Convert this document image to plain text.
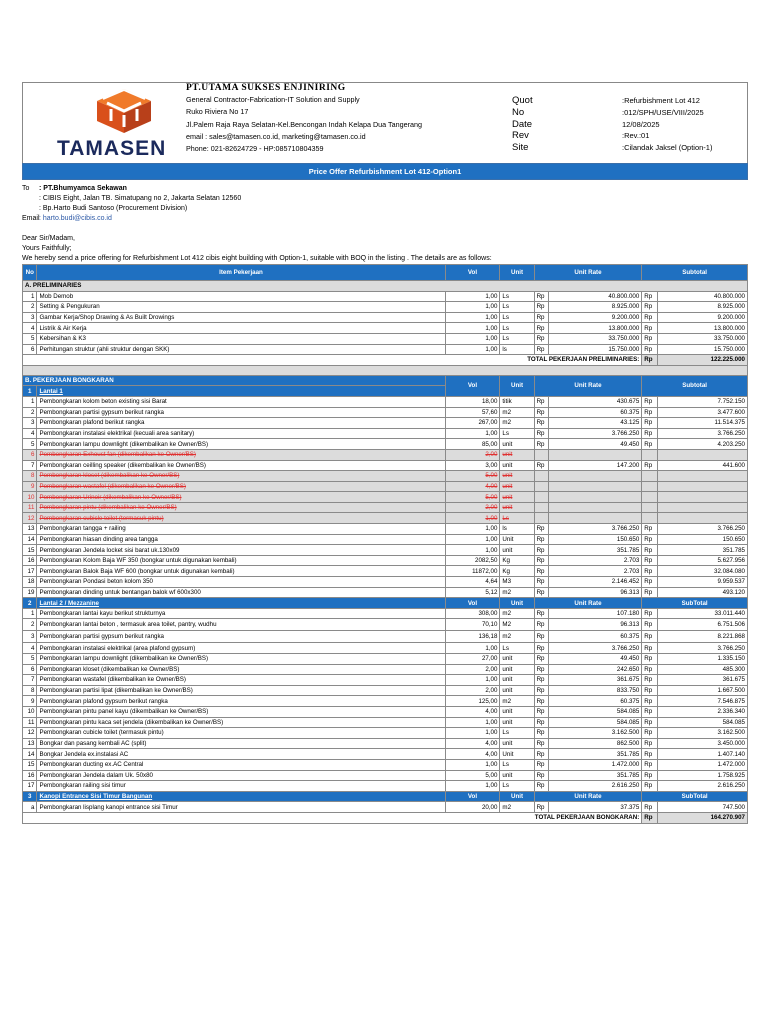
TAMASEN
PT.UTAMA SUKSES ENJINIRING
General Contractor-Fabrication-IT Solution and Supply
Ruko Riviera No 17
Jl.Palem Raja Raya Selatan-Kel.Bencongan Indah Kelapa Dua Tangerang
email : sales@tamasen.co.id, marketing@tamasen.co.id
Phone: 021-82624729 - HP:085710804359
Quot	:Refurbishment Lot 412
No	:012/SPH/USE/VIII/2025
Date	12/08/2025
Rev	:Rev.:01
Site	:Cilandak Jaksel (Option-1)
Price Offer Refurbishment Lot 412-Option1
To	: PT.Bhumyamca Sekawan
: CIBIS Eight, Jalan TB. Simatupang no 2, Jakarta Selatan 12560
: Bp.Harto Budi Santoso (Procurement Division)
Email : harto.budi@cibis.co.id
Dear Sir/Madam,
Yours Faithfully;
We hereby send a price offering for Refurbishment Lot 412 cibis eight building with Option-1, suitable with BOQ in the listing . The details are as follows:
No	Item Pekerjaan	Vol	Unit	Unit Rate		Subtotal	
A. PRELIMINARIES							
1	Mob Demob	1,00	Ls	Rp	40.800.000	Rp	40.800.000
2	Setting & Pengukuran	1,00	Ls	Rp	8.925.000	Rp	8.925.000
3	Gambar Kerja/Shop Drawing & As Built Drowings	1,00	Ls	Rp	9.200.000	Rp	9.200.000
4	Listrik & Air Kerja	1,00	Ls	Rp	13.800.000	Rp	13.800.000
5	Kebersihan & K3	1,00	Ls	Rp	33.750.000	Rp	33.750.000
6	Perhitungan struktur (ahli struktur dengan SKK)	1,00	ls	Rp	15.750.000	Rp	15.750.000
TOTAL PEKERJAAN PRELIMINARIES:						Rp	122.225.000

B. PEKERJAAN BONGKARAN		Vol	Unit	Unit Rate		Subtotal	
1	Lantai 1						
1	Pembongkaran kolom beton existing sisi Barat	18,00	titik	Rp	430.675	Rp	7.752.150
2	Pembongkaran partisi gypsum berikut rangka	57,60	m2	Rp	60.375	Rp	3.477.600
3	Pembongkaran plafond berikut rangka	267,00	m2	Rp	43.125	Rp	11.514.375
4	Pembongkaran instalasi elektrikal (kecuali area sanitary)	1,00	Ls	Rp	3.766.250	Rp	3.766.250
5	Pembongkaran lampu downlight (dikembalikan ke Owner/BS)	85,00	unit	Rp	49.450	Rp	4.203.250
6	Pembongkaran Exhoust fan (dikembalikan ke Owner/BS)	2,00	unit				
7	Pembongkaran ceilling speaker (dikembalikan ke Owner/BS)	3,00	unit	Rp	147.200	Rp	441.600
8	Pembongkaran kloset (dikembalikan ke Owner/BS)	5,00	unit				
9	Pembongkaran wastafel (dikembalikan ke Owner/BS)	4,00	unit				
10	Pembongkaran Urinoir (dikembalikan ke Owner/BS)	5,00	unit				
11	Pembongkaran pintu (dikembalikan ke Owner/BS)	2,00	unit				
12	Pembongkaran cubicle toilet (termasuk pintu)	1,00	Ls				
13	Pembongkaran tangga + railing	1,00	ls	Rp	3.766.250	Rp	3.766.250
14	Pembongkaran hiasan dinding area tangga	1,00	Unit	Rp	150.650	Rp	150.650
15	Pembongkaran Jendela locket sisi barat uk.130x09	1,00	unit	Rp	351.785	Rp	351.785
16	Pembongkaran Kolom Baja WF 350 (bongkar untuk digunakan kembali)	2082,50	Kg	Rp	2.703	Rp	5.627.956
17	Pembongkaran Balok Baja WF 600 (bongkar untuk digunakan kembali)	11872,00	Kg	Rp	2.703	Rp	32.084.080
18	Pembongkaran Pondasi beton kolom 350	4,64	M3	Rp	2.146.452	Rp	9.959.537
19	Pembongkaran dinding untuk bentangan balok wf 600x300	5,12	m2	Rp	96.313	Rp	493.120
2	Lantai 2 / Mezzanine	Vol	Unit	Unit Rate		SubTotal	
1	Pembongkaran lantai kayu berikut strukturnya	308,00	m2	Rp	107.180	Rp	33.011.440
2	Pembongkaran lantai beton , termasuk area toilet, pantry, wudhu	70,10	M2	Rp	96.313	Rp	6.751.506
3	Pembongkaran partisi gypsum berikut rangka	136,18	m2	Rp	60.375	Rp	8.221.868
4	Pembongkaran instalasi elektrikal (area plafond gypsum)	1,00	Ls	Rp	3.766.250	Rp	3.766.250
5	Pembongkaran lampu downlight (dikembalikan ke Owner/BS)	27,00	unit	Rp	49.450	Rp	1.335.150
6	Pembongkaran kloset (dikembalikan ke Owner/BS)	2,00	unit	Rp	242.650	Rp	485.300
7	Pembongkaran wastafel (dikembalikan ke Owner/BS)	1,00	unit	Rp	361.675	Rp	361.675
8	Pembongkaran partisi lipat (dikembalikan ke Owner/BS)	2,00	unit	Rp	833.750	Rp	1.667.500
9	Pembongkaran plafond gypsum berikut rangka	125,00	m2	Rp	60.375	Rp	7.546.875
10	Pembongkaran pintu panel kayu (dikembalikan ke Owner/BS)	4,00	unit	Rp	584.085	Rp	2.336.340
11	Pembongkaran pintu kaca set jendela (dikembalikan ke Owner/BS)	1,00	unit	Rp	584.085	Rp	584.085
12	Pembongkaran cubicle toilet (termasuk pintu)	1,00	Ls	Rp	3.162.500	Rp	3.162.500
13	Bongkar dan pasang kembali AC (split)	4,00	unit	Rp	862.500	Rp	3.450.000
14	Bongkar Jendela ex.instalasi AC	4,00	Unit	Rp	351.785	Rp	1.407.140
15	Pembongkaran ducting ex.AC Central	1,00	Ls	Rp	1.472.000	Rp	1.472.000
16	Pembongkaran Jendela dalam Uk. 50x80	5,00	unit	Rp	351.785	Rp	1.758.925
17	Pembongkaran railing sisi timur	1,00	Ls	Rp	2.616.250	Rp	2.616.250
3	Kanopi Entrance Sisi Timur Bangunan	Vol	Unit	Unit Rate		SubTotal	
a	Pembongkaran lisplang kanopi entrance sisi Timur	20,00	m2	Rp	37.375	Rp	747.500
TOTAL PEKERJAAN BONGKARAN:						Rp	164.270.907
